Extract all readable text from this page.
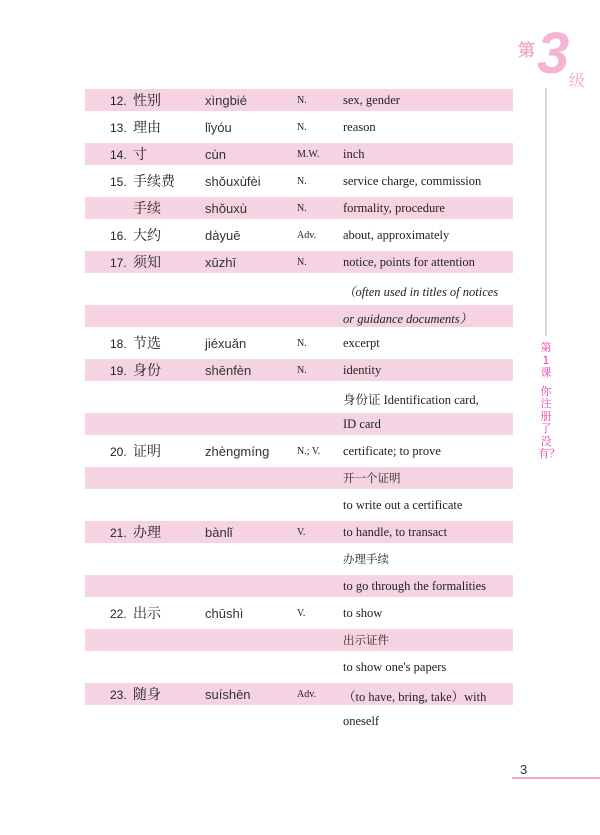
第 3 级
第
1
课
你注册了没有？
12. 性别	xìngbié	N.	sex, gender
13. 理由	lǐyóu	N.	reason
14. 寸	cùn	M.W. inch
15. 手续费 shǒuxùfèi	N.	service charge, commission
手续	shǒuxù	N.	formality, procedure
16. 大约	dàyuē	Adv. about, approximately
17. 须知	xūzhī	N.	notice, points for attention
（often used in titles of notices
or guidance documents）
18. 节选	jiéxuǎn	N.	excerpt
19. 身份	shēnfèn	N.	identity
身份证 Identification card,
ID card
20. 证明	zhèngmíng	N.; V. certificate; to prove
开一个证明
to write out a certificate
21. 办理	bànlǐ	V.	to handle, to transact
办理手续
to go through the formalities
22. 出示	chūshì	V.	to show
出示证件
to show one's papers
23. 随身	suíshēn	Adv. （to have, bring, take）with
oneself
3
